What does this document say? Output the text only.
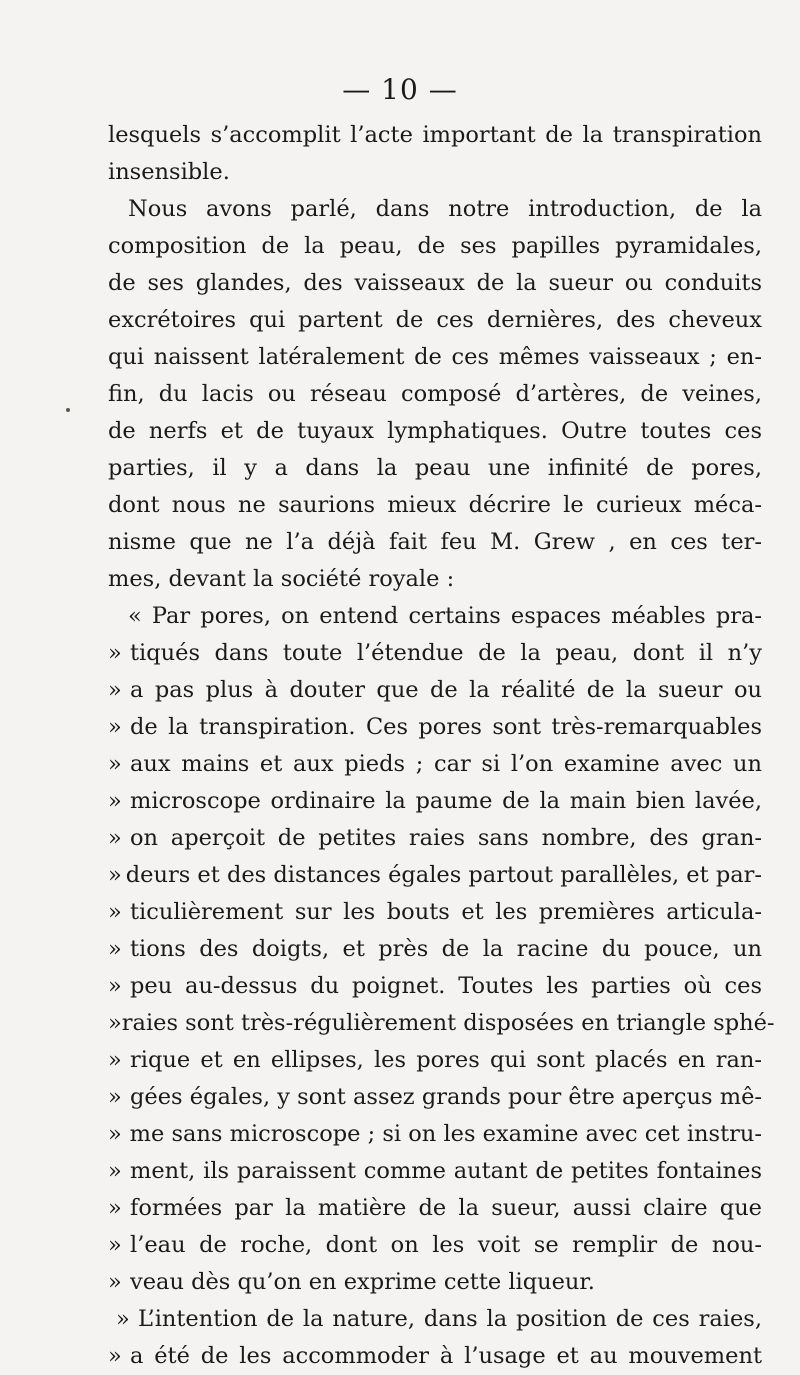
— 10 —
lesquels s’accomplit l’acte important de la transpiration
insensible.
Nous avons parlé, dans notre introduction, de la
composition de la peau, de ses papilles pyramidales,
de ses glandes, des vaisseaux de la sueur ou conduits
excrétoires qui partent de ces dernières, des cheveux
qui naissent latéralement de ces mêmes vaisseaux ; en-
fin, du lacis ou réseau composé d’artères, de veines,
de nerfs et de tuyaux lymphatiques. Outre toutes ces
parties, il y a dans la peau une infinité de pores,
dont nous ne saurions mieux décrire le curieux méca-
nisme que ne l’a déjà fait feu M. Grew , en ces ter-
mes, devant la société royale :
« Par pores, on entend certains espaces méables pra-
» tiqués dans toute l’étendue de la peau, dont il n’y
» a pas plus à douter que de la réalité de la sueur ou
» de la transpiration. Ces pores sont très-remarquables
» aux mains et aux pieds ; car si l’on examine avec un
» microscope ordinaire la paume de la main bien lavée,
» on aperçoit de petites raies sans nombre, des gran-
» deurs et des distances égales partout parallèles, et par-
» ticulièrement sur les bouts et les premières articula-
» tions des doigts, et près de la racine du pouce, un
» peu au-dessus du poignet. Toutes les parties où ces
» raies sont très-régulièrement disposées en triangle sphé-
» rique et en ellipses, les pores qui sont placés en ran-
» gées égales, y sont assez grands pour être aperçus mê-
» me sans microscope ; si on les examine avec cet instru-
» ment, ils paraissent comme autant de petites fontaines
» formées par la matière de la sueur, aussi claire que
» l’eau de roche, dont on les voit se remplir de nou-
» veau dès qu’on en exprime cette liqueur.
» L’intention de la nature, dans la position de ces raies,
» a été de les accommoder à l’usage et au mouvement
